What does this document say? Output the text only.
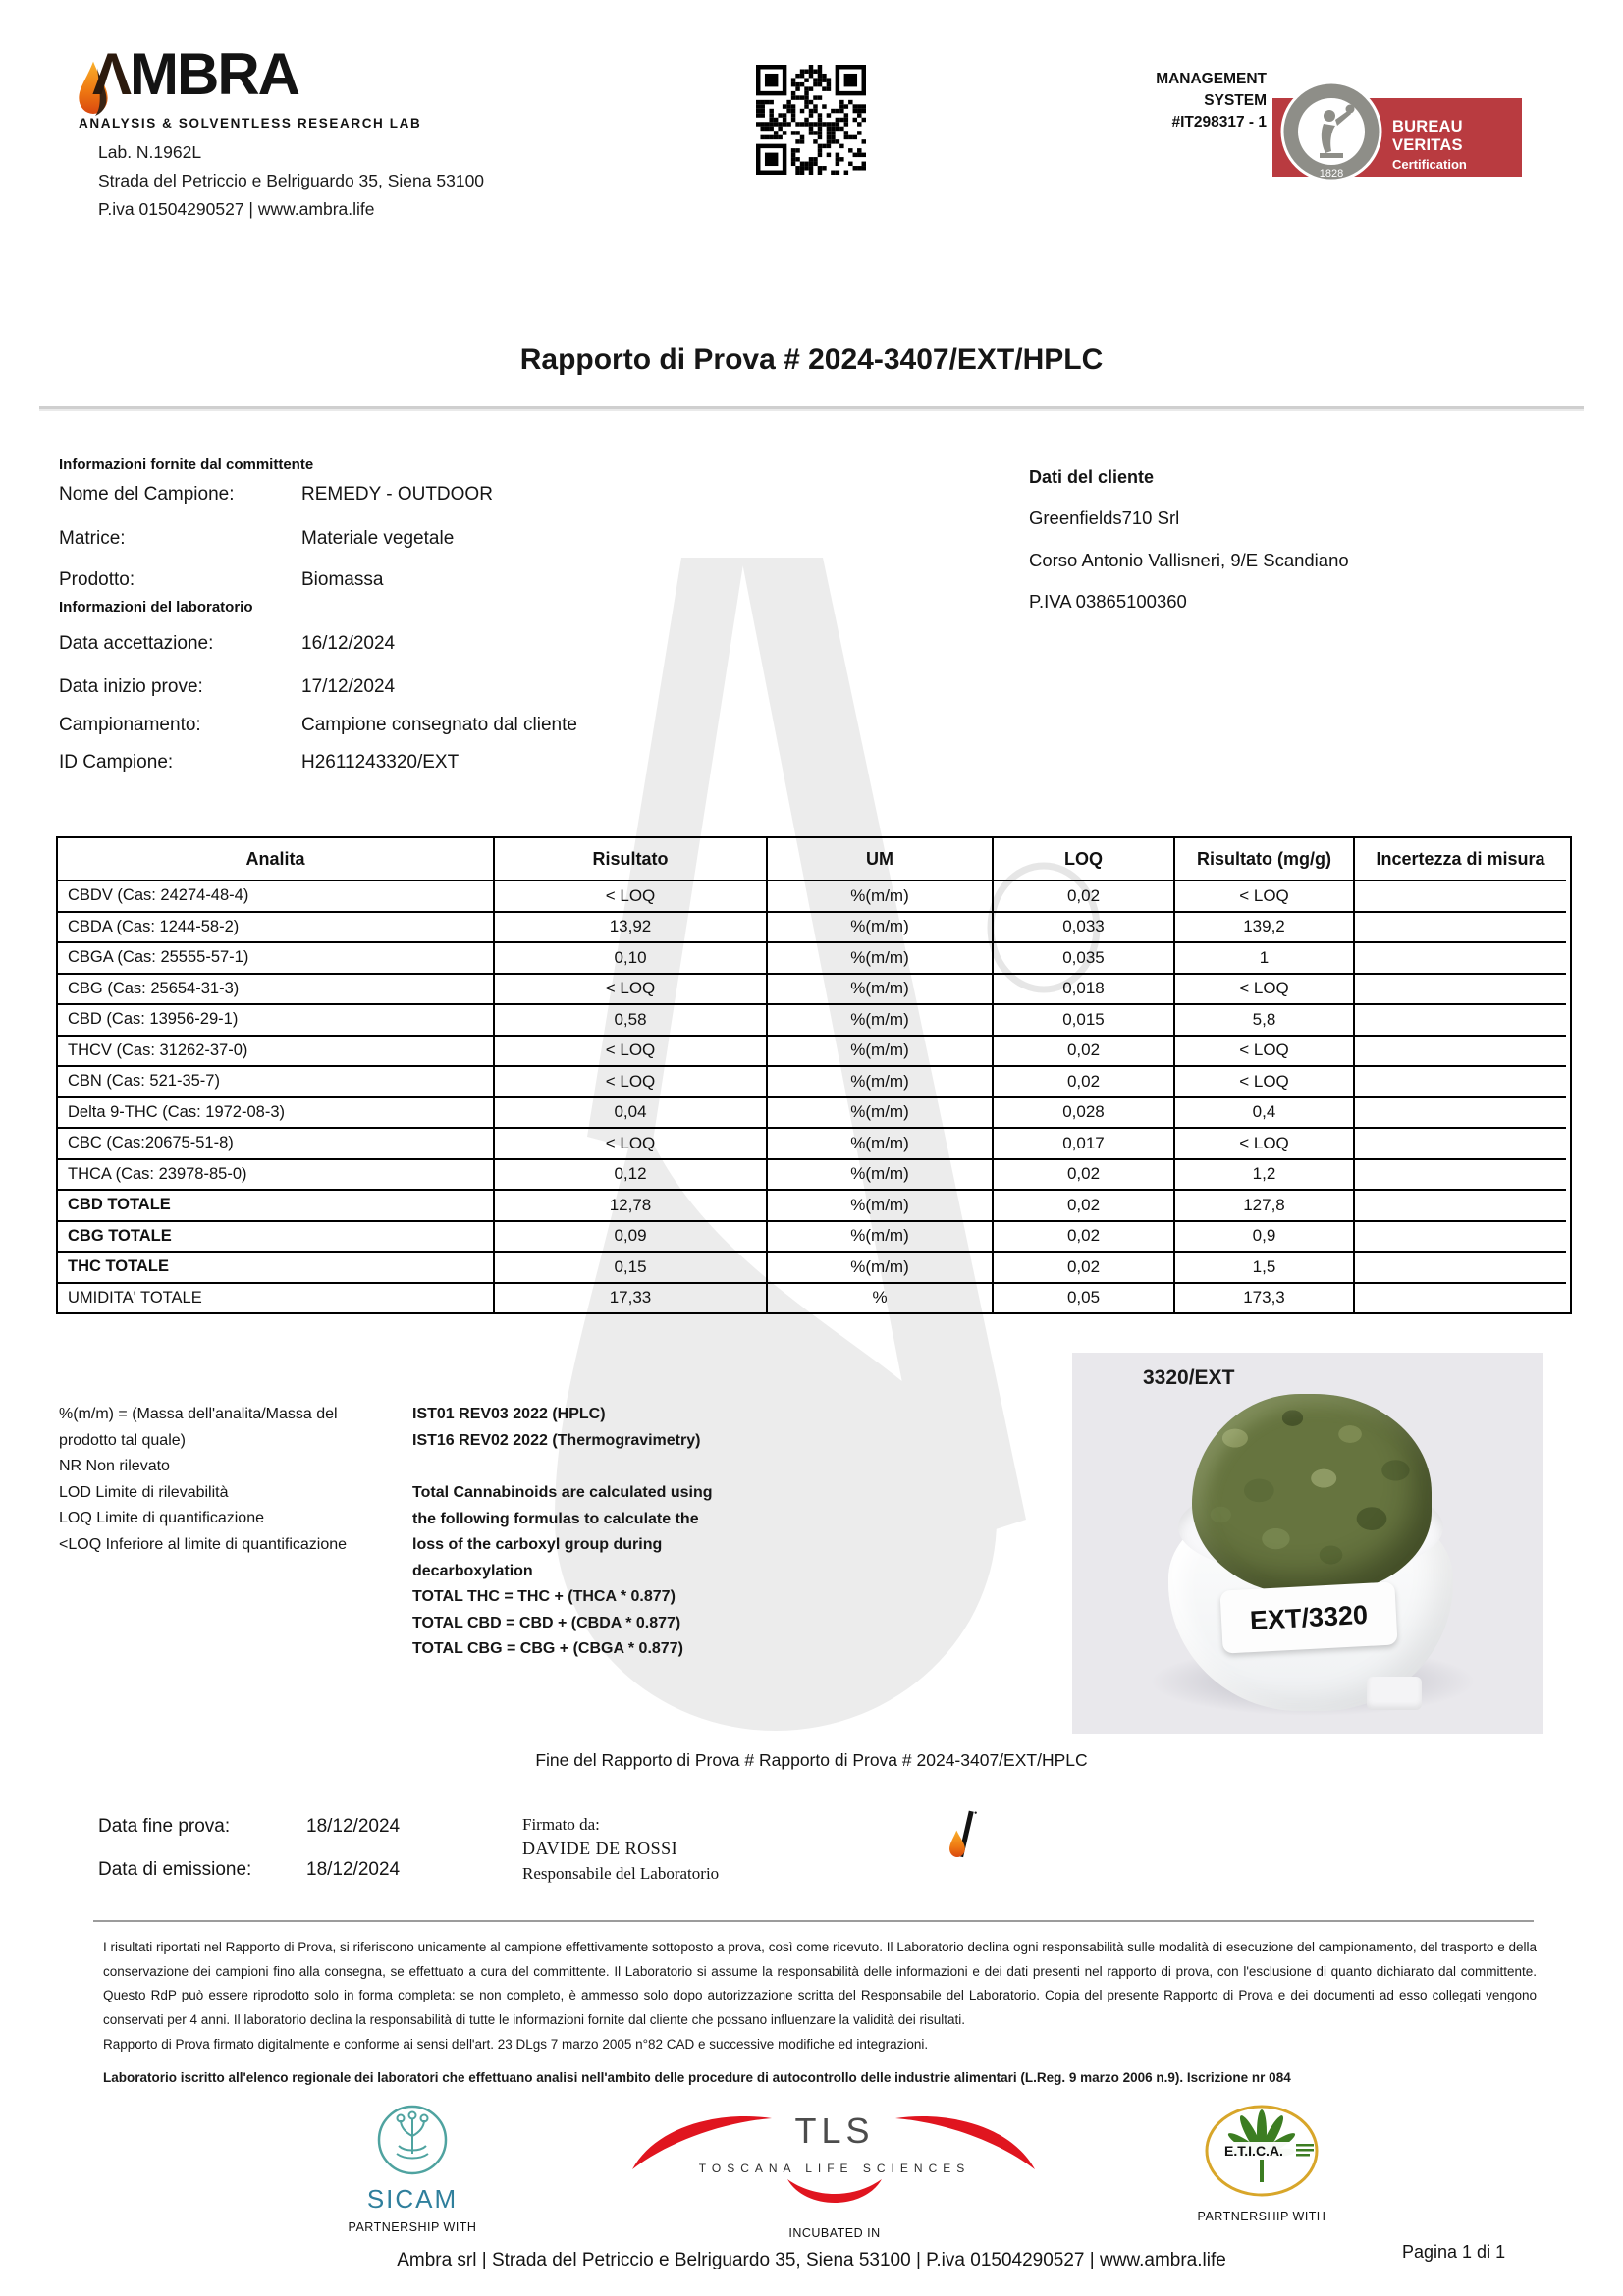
ΛMBRA
ANALYSIS & SOLVENTLESS RESEARCH LAB
Lab. N.1962L
Strada del Petriccio e Belriguardo 35, Siena 53100
P.iva 01504290527 | www.ambra.life
MANAGEMENT
SYSTEM
#IT298317 - 1
1828
BUREAU VERITAS
Certification
Rapporto di Prova # 2024-3407/EXT/HPLC
Informazioni fornite dal committente
Nome del Campione:	REMEDY - OUTDOOR
Matrice:	Materiale vegetale
Prodotto:	Biomassa
Informazioni del laboratorio
Data accettazione:	16/12/2024
Data inizio prove:	17/12/2024
Campionamento:	Campione consegnato dal cliente
ID Campione:	H2611243320/EXT
Dati del cliente
Greenfields710 Srl
Corso Antonio Vallisneri, 9/E Scandiano
P.IVA 03865100360
Analita	Risultato	UM	LOQ	Risultato (mg/g)	Incertezza di misura
CBDV (Cas: 24274-48-4)	< LOQ	%(m/m)	0,02	< LOQ
CBDA (Cas: 1244-58-2)	13,92	%(m/m)	0,033	139,2
CBGA (Cas: 25555-57-1)	0,10	%(m/m)	0,035	1
CBG (Cas: 25654-31-3)	< LOQ	%(m/m)	0,018	< LOQ
CBD (Cas: 13956-29-1)	0,58	%(m/m)	0,015	5,8
THCV (Cas: 31262-37-0)	< LOQ	%(m/m)	0,02	< LOQ
CBN (Cas: 521-35-7)	< LOQ	%(m/m)	0,02	< LOQ
Delta 9-THC (Cas: 1972-08-3)	0,04	%(m/m)	0,028	0,4
CBC (Cas:20675-51-8)	< LOQ	%(m/m)	0,017	< LOQ
THCA (Cas: 23978-85-0)	0,12	%(m/m)	0,02	1,2
CBD TOTALE	12,78	%(m/m)	0,02	127,8
CBG TOTALE	0,09	%(m/m)	0,02	0,9
THC TOTALE	0,15	%(m/m)	0,02	1,5
UMIDITA' TOTALE	17,33	%	0,05	173,3
%(m/m) = (Massa dell'analita/Massa del prodotto tal quale)
NR Non rilevato
LOD Limite di rilevabilità
LOQ Limite di quantificazione
<LOQ Inferiore al limite di quantificazione
IST01 REV03 2022 (HPLC)
IST16 REV02 2022 (Thermogravimetry)
Total Cannabinoids are calculated using the following formulas to calculate the loss of the carboxyl group during decarboxylation
TOTAL THC = THC + (THCA * 0.877)
TOTAL CBD = CBD + (CBDA * 0.877)
TOTAL CBG = CBG + (CBGA * 0.877)
3320/EXT
EXT/3320
Fine del Rapporto di Prova # Rapporto di Prova # 2024-3407/EXT/HPLC
Data fine prova:	18/12/2024
Data di emissione:	18/12/2024
Firmato da:
DAVIDE DE ROSSI
Responsabile del Laboratorio

I risultati riportati nel Rapporto di Prova, si riferiscono unicamente al campione effettivamente sottoposto a prova, così come ricevuto. Il Laboratorio declina ogni responsabilità sulle modalità di esecuzione del campionamento, del trasporto e della conservazione dei campioni fino alla consegna, se effettuato a cura del committente. Il Laboratorio si assume la responsabilità delle informazioni e dei dati presenti nel rapporto di prova, con l'esclusione di quanto dichiarato dal committente. Questo RdP può essere riprodotto solo in forma completa: se non completo, è ammesso solo dopo autorizzazione scritta del Responsabile del Laboratorio. Copia del presente Rapporto di Prova e dei documenti ad esso collegati vengono conservati per 4 anni. Il laboratorio declina la responsabilità di tutte le informazioni fornite dal cliente che possano influenzare la validità dei risultati.

Rapporto di Prova firmato digitalmente e conforme ai sensi dell'art. 23 DLgs 7 marzo 2005 n°82 CAD e successive modifiche ed integrazioni.

Laboratorio iscritto all'elenco regionale dei laboratori che effettuano analisi nell'ambito delle procedure di autocontrollo delle industrie alimentari (L.Reg. 9 marzo 2006 n.9). Iscrizione nr 084

SICAM
PARTNERSHIP WITH
TLS
TOSCANA LIFE SCIENCES
INCUBATED IN
E.T.I.C.A.
PARTNERSHIP WITH
Ambra srl | Strada del Petriccio e Belriguardo 35, Siena 53100 | P.iva 01504290527 | www.ambra.life	Pagina 1 di 1
